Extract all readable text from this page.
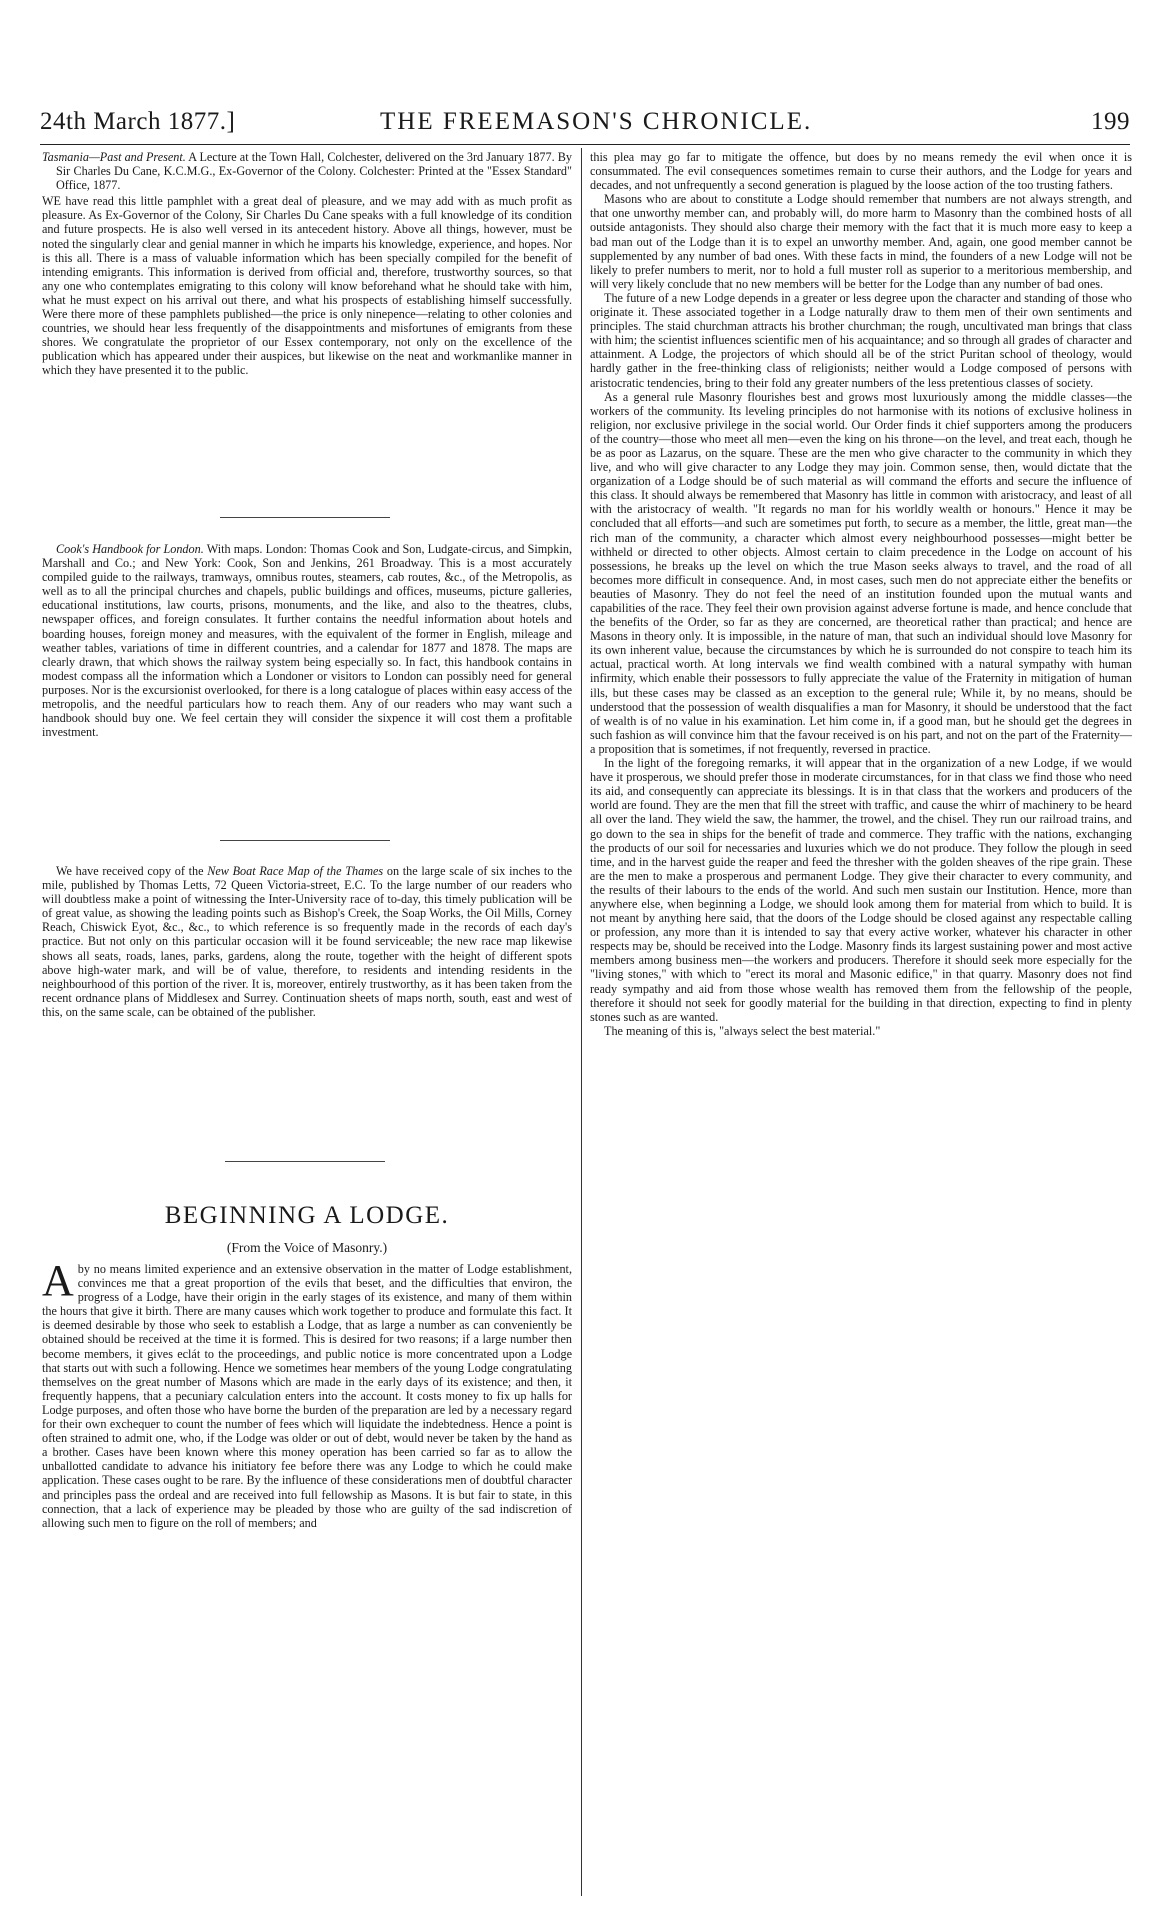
24th March 1877.]	THE FREEMASON'S CHRONICLE.	199

Tasmania—Past and Present. A Lecture at the Town Hall, Colchester, delivered on the 3rd January 1877. By Sir Charles Du Cane, K.C.M.G., Ex-Governor of the Colony. Colchester: Printed at the "Essex Standard" Office, 1877.

WE have read this little pamphlet with a great deal of pleasure, and we may add with as much profit as pleasure. As Ex-Governor of the Colony, Sir Charles Du Cane speaks with a full knowledge of its condition and future prospects. He is also well versed in its antecedent history. Above all things, however, must be noted the singularly clear and genial manner in which he imparts his knowledge, experience, and hopes. Nor is this all. There is a mass of valuable information which has been specially compiled for the benefit of intending emigrants. This information is derived from official and, therefore, trustworthy sources, so that any one who contemplates emigrating to this colony will know beforehand what he should take with him, what he must expect on his arrival out there, and what his prospects of establishing himself successfully. Were there more of these pamphlets published—the price is only ninepence—relating to other colonies and countries, we should hear less frequently of the disappointments and misfortunes of emigrants from these shores. We congratulate the proprietor of our Essex contemporary, not only on the excellence of the publication which has appeared under their auspices, but likewise on the neat and workmanlike manner in which they have presented it to the public.

Cook's Handbook for London. With maps. London: Thomas Cook and Son, Ludgate-circus, and Simpkin, Marshall and Co.; and New York: Cook, Son and Jenkins, 261 Broadway. This is a most accurately compiled guide to the railways, tramways, omnibus routes, steamers, cab routes, &c., of the Metropolis, as well as to all the principal churches and chapels, public buildings and offices, museums, picture galleries, educational institutions, law courts, prisons, monuments, and the like, and also to the theatres, clubs, newspaper offices, and foreign consulates. It further contains the needful information about hotels and boarding houses, foreign money and measures, with the equivalent of the former in English, mileage and weather tables, variations of time in different countries, and a calendar for 1877 and 1878. The maps are clearly drawn, that which shows the railway system being especially so. In fact, this handbook contains in modest compass all the information which a Londoner or visitors to London can possibly need for general purposes. Nor is the excursionist overlooked, for there is a long catalogue of places within easy access of the metropolis, and the needful particulars how to reach them. Any of our readers who may want such a handbook should buy one. We feel certain they will consider the sixpence it will cost them a profitable investment.

We have received copy of the New Boat Race Map of the Thames on the large scale of six inches to the mile, published by Thomas Letts, 72 Queen Victoria-street, E.C. To the large number of our readers who will doubtless make a point of witnessing the Inter-University race of to-day, this timely publication will be of great value, as showing the leading points such as Bishop's Creek, the Soap Works, the Oil Mills, Corney Reach, Chiswick Eyot, &c., &c., to which reference is so frequently made in the records of each day's practice. But not only on this particular occasion will it be found serviceable; the new race map likewise shows all seats, roads, lanes, parks, gardens, along the route, together with the height of different spots above high-water mark, and will be of value, therefore, to residents and intending residents in the neighbourhood of this portion of the river. It is, moreover, entirely trustworthy, as it has been taken from the recent ordnance plans of Middlesex and Surrey. Continuation sheets of maps north, south, east and west of this, on the same scale, can be obtained of the publisher.

BEGINNING A LODGE.
(From the Voice of Masonry.)

Aby no means limited experience and an extensive observation in the matter of Lodge establishment, convinces me that a great proportion of the evils that beset, and the difficulties that environ, the progress of a Lodge, have their origin in the early stages of its existence, and many of them within the hours that give it birth. There are many causes which work together to produce and formulate this fact. It is deemed desirable by those who seek to establish a Lodge, that as large a number as can conveniently be obtained should be received at the time it is formed. This is desired for two reasons; if a large number then become members, it gives eclát to the proceedings, and public notice is more concentrated upon a Lodge that starts out with such a following. Hence we sometimes hear members of the young Lodge congratulating themselves on the great number of Masons which are made in the early days of its existence; and then, it frequently happens, that a pecuniary calculation enters into the account. It costs money to fix up halls for Lodge purposes, and often those who have borne the burden of the preparation are led by a necessary regard for their own exchequer to count the number of fees which will liquidate the indebtedness. Hence a point is often strained to admit one, who, if the Lodge was older or out of debt, would never be taken by the hand as a brother. Cases have been known where this money operation has been carried so far as to allow the unballotted candidate to advance his initiatory fee before there was any Lodge to which he could make application. These cases ought to be rare. By the influence of these considerations men of doubtful character and principles pass the ordeal and are received into full fellowship as Masons. It is but fair to state, in this connection, that a lack of experience may be pleaded by those who are guilty of the sad indiscretion of allowing such men to figure on the roll of members; and

this plea may go far to mitigate the offence, but does by no means remedy the evil when once it is consummated. The evil consequences sometimes remain to curse their authors, and the Lodge for years and decades, and not unfrequently a second generation is plagued by the loose action of the too trusting fathers.

Masons who are about to constitute a Lodge should remember that numbers are not always strength, and that one unworthy member can, and probably will, do more harm to Masonry than the combined hosts of all outside antagonists. They should also charge their memory with the fact that it is much more easy to keep a bad man out of the Lodge than it is to expel an unworthy member. And, again, one good member cannot be supplemented by any number of bad ones. With these facts in mind, the founders of a new Lodge will not be likely to prefer numbers to merit, nor to hold a full muster roll as superior to a meritorious membership, and will very likely conclude that no new members will be better for the Lodge than any number of bad ones.

The future of a new Lodge depends in a greater or less degree upon the character and standing of those who originate it. These associated together in a Lodge naturally draw to them men of their own sentiments and principles. The staid churchman attracts his brother churchman; the rough, uncultivated man brings that class with him; the scientist influences scientific men of his acquaintance; and so through all grades of character and attainment. A Lodge, the projectors of which should all be of the strict Puritan school of theology, would hardly gather in the free-thinking class of religionists; neither would a Lodge composed of persons with aristocratic tendencies, bring to their fold any greater numbers of the less pretentious classes of society.

As a general rule Masonry flourishes best and grows most luxuriously among the middle classes—the workers of the community. Its leveling principles do not harmonise with its notions of exclusive holiness in religion, nor exclusive privilege in the social world. Our Order finds it chief supporters among the producers of the country—those who meet all men—even the king on his throne—on the level, and treat each, though he be as poor as Lazarus, on the square. These are the men who give character to the community in which they live, and who will give character to any Lodge they may join. Common sense, then, would dictate that the organization of a Lodge should be of such material as will command the efforts and secure the influence of this class. It should always be remembered that Masonry has little in common with aristocracy, and least of all with the aristocracy of wealth. "It regards no man for his worldly wealth or honours." Hence it may be concluded that all efforts—and such are sometimes put forth, to secure as a member, the little, great man—the rich man of the community, a character which almost every neighbourhood possesses—might better be withheld or directed to other objects. Almost certain to claim precedence in the Lodge on account of his possessions, he breaks up the level on which the true Mason seeks always to travel, and the road of all becomes more difficult in consequence. And, in most cases, such men do not appreciate either the benefits or beauties of Masonry. They do not feel the need of an institution founded upon the mutual wants and capabilities of the race. They feel their own provision against adverse fortune is made, and hence conclude that the benefits of the Order, so far as they are concerned, are theoretical rather than practical; and hence are Masons in theory only. It is impossible, in the nature of man, that such an individual should love Masonry for its own inherent value, because the circumstances by which he is surrounded do not conspire to teach him its actual, practical worth. At long intervals we find wealth combined with a natural sympathy with human infirmity, which enable their possessors to fully appreciate the value of the Fraternity in mitigation of human ills, but these cases may be classed as an exception to the general rule; While it, by no means, should be understood that the possession of wealth disqualifies a man for Masonry, it should be understood that the fact of wealth is of no value in his examination. Let him come in, if a good man, but he should get the degrees in such fashion as will convince him that the favour received is on his part, and not on the part of the Fraternity—a proposition that is sometimes, if not frequently, reversed in practice.

In the light of the foregoing remarks, it will appear that in the organization of a new Lodge, if we would have it prosperous, we should prefer those in moderate circumstances, for in that class we find those who need its aid, and consequently can appreciate its blessings. It is in that class that the workers and producers of the world are found. They are the men that fill the street with traffic, and cause the whirr of machinery to be heard all over the land. They wield the saw, the hammer, the trowel, and the chisel. They run our railroad trains, and go down to the sea in ships for the benefit of trade and commerce. They traffic with the nations, exchanging the products of our soil for necessaries and luxuries which we do not produce. They follow the plough in seed time, and in the harvest guide the reaper and feed the thresher with the golden sheaves of the ripe grain. These are the men to make a prosperous and permanent Lodge. They give their character to every community, and the results of their labours to the ends of the world. And such men sustain our Institution. Hence, more than anywhere else, when beginning a Lodge, we should look among them for material from which to build. It is not meant by anything here said, that the doors of the Lodge should be closed against any respectable calling or profession, any more than it is intended to say that every active worker, whatever his character in other respects may be, should be received into the Lodge. Masonry finds its largest sustaining power and most active members among business men—the workers and producers. Therefore it should seek more especially for the "living stones," with which to "erect its moral and Masonic edifice," in that quarry. Masonry does not find ready sympathy and aid from those whose wealth has removed them from the fellowship of the people, therefore it should not seek for goodly material for the building in that direction, expecting to find in plenty stones such as are wanted.

The meaning of this is, "always select the best material."
